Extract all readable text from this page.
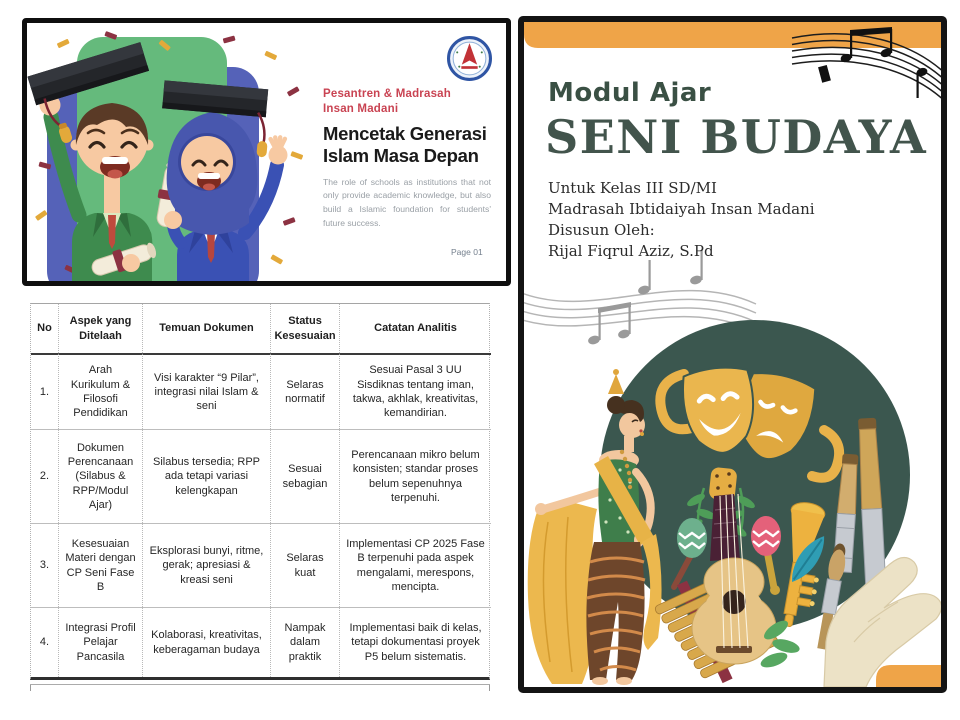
Pesantren & Madrasah
Insan Madani
Mencetak Generasi
Islam Masa Depan
The role of schools as institutions that not only provide academic knowledge, but also build a Islamic foundation for students' future success.
Page 01
No
Aspek yang Ditelaah
Temuan Dokumen
Status Kesesuaian
Catatan Analitis
1.
Arah Kurikulum & Filosofi Pendidikan
Visi karakter “9 Pilar”, integrasi nilai Islam & seni
Selaras normatif
Sesuai Pasal 3 UU Sisdiknas tentang iman, takwa, akhlak, kreativitas, kemandirian.
2.
Dokumen Perencanaan (Silabus & RPP/Modul Ajar)
Silabus tersedia; RPP ada tetapi variasi kelengkapan
Sesuai sebagian
Perencanaan mikro belum konsisten; standar proses belum sepenuhnya terpenuhi.
3.
Kesesuaian Materi dengan CP Seni Fase B
Eksplorasi bunyi, ritme, gerak; apresiasi & kreasi seni
Selaras kuat
Implementasi CP 2025 Fase B terpenuhi pada aspek mengalami, merespons, mencipta.
4.
Integrasi Profil Pelajar Pancasila
Kolaborasi, kreativitas, keberagaman budaya
Nampak dalam praktik
Implementasi baik di kelas, tetapi dokumentasi proyek P5 belum sistematis.
Modul Ajar
SENI BUDAYA
Untuk Kelas III SD/MI
Madrasah Ibtidaiyah Insan Madani
Disusun Oleh:
Rijal Fiqrul Aziz, S.Pd
